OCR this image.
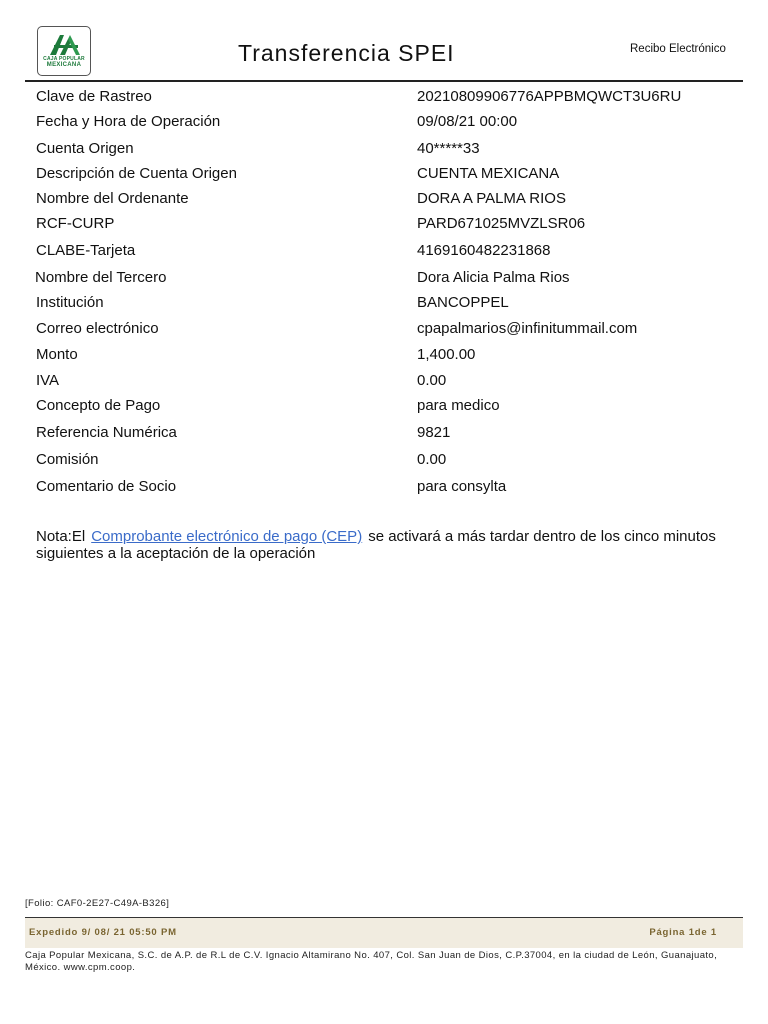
CAJA POPULAR
MEXICANA	Transferencia SPEI	Recibo Electrónico
Clave de Rastreo	20210809906776APPBMQWCT3U6RU
Fecha y Hora de Operación	09/08/21 00:00
Cuenta Origen	40*****33
Descripción de Cuenta Origen	CUENTA MEXICANA
Nombre del Ordenante	DORA A PALMA RIOS
RCF-CURP	PARD671025MVZLSR06
CLABE-Tarjeta	4169160482231868
Nombre del Tercero	Dora Alicia Palma Rios
Institución	BANCOPPEL
Correo electrónico	cpapalmarios@infinitummail.com
Monto	1,400.00
IVA	0.00
Concepto de Pago	para medico
Referencia Numérica	9821
Comisión	0.00
Comentario de Socio	para consylta
Nota:El Comprobante electrónico de pago (CEP) se activará a más tardar dentro de los cinco minutos siguientes a la aceptación de la operación
[Folio: CAF0-2E27-C49A-B326]
Expedido 9/ 08/ 21 05:50 PM	Página 1de 1
Caja Popular Mexicana, S.C. de A.P. de R.L de C.V. Ignacio Altamirano No. 407, Col. San Juan de Dios, C.P.37004, en la ciudad de León, Guanajuato, México. www.cpm.coop.
